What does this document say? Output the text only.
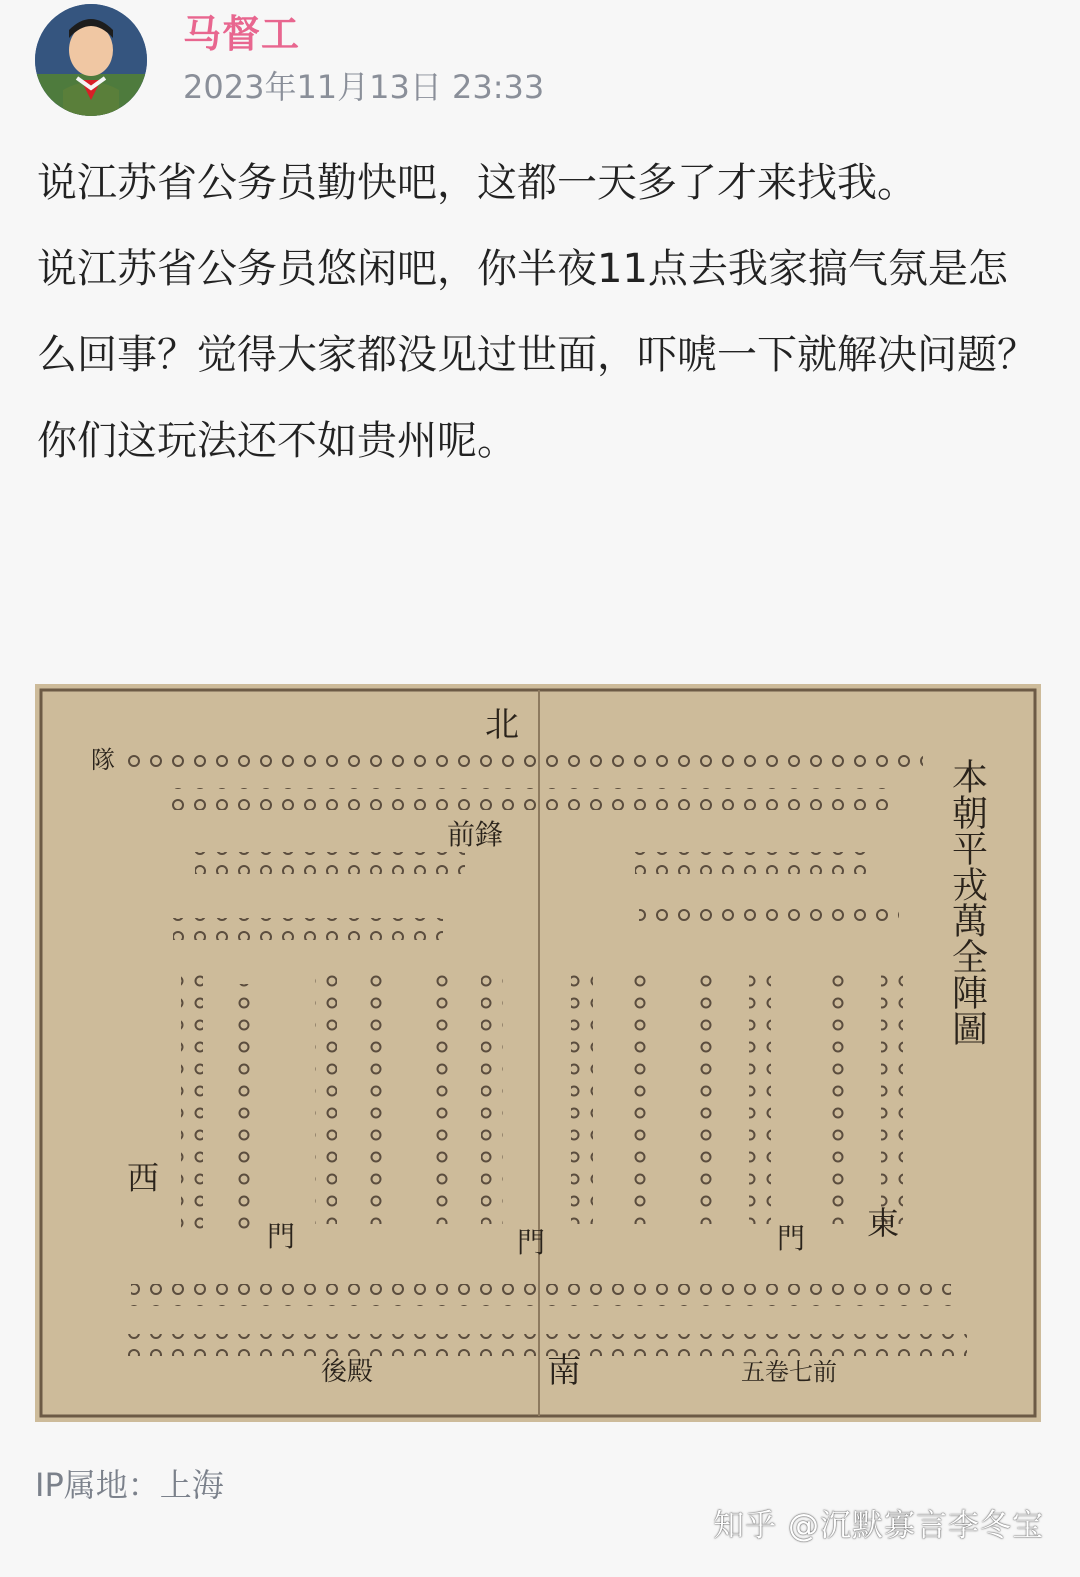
马督工
2023年11月13日 23:33

说江苏省公务员勤快吧，这都一天多了才来找我。

说江苏省公务员悠闲吧，你半夜11点去我家搞气氛是怎么回事？觉得大家都没见过世面，吓唬一下就解决问题？

你们这玩法还不如贵州呢。

北
南
東
西
前鋒
後殿	五卷七前
隊
門	門	門
本朝平戎萬全陣圖
IP属地：上海
知乎 @沉默寡言李冬宝
